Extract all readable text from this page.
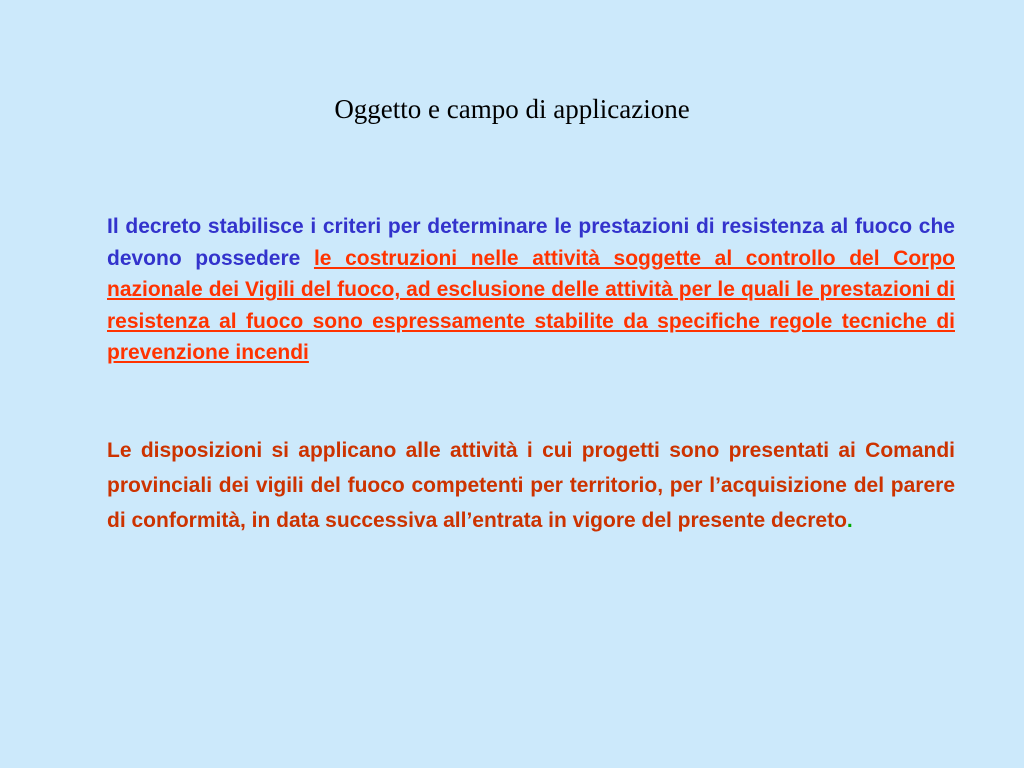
Oggetto e campo di applicazione

Il decreto stabilisce i criteri per determinare le prestazioni di resistenza al fuoco che devono possedere le costruzioni nelle attività soggette al controllo del Corpo nazionale dei Vigili del fuoco, ad esclusione delle attività per le quali le prestazioni di resistenza al fuoco sono espressamente stabilite da specifiche regole tecniche di prevenzione incendi

Le disposizioni si applicano alle attività i cui progetti sono presentati ai Comandi provinciali dei vigili del fuoco competenti per territorio, per l’acquisizione del parere di conformità, in data successiva all’entrata in vigore del presente decreto.
